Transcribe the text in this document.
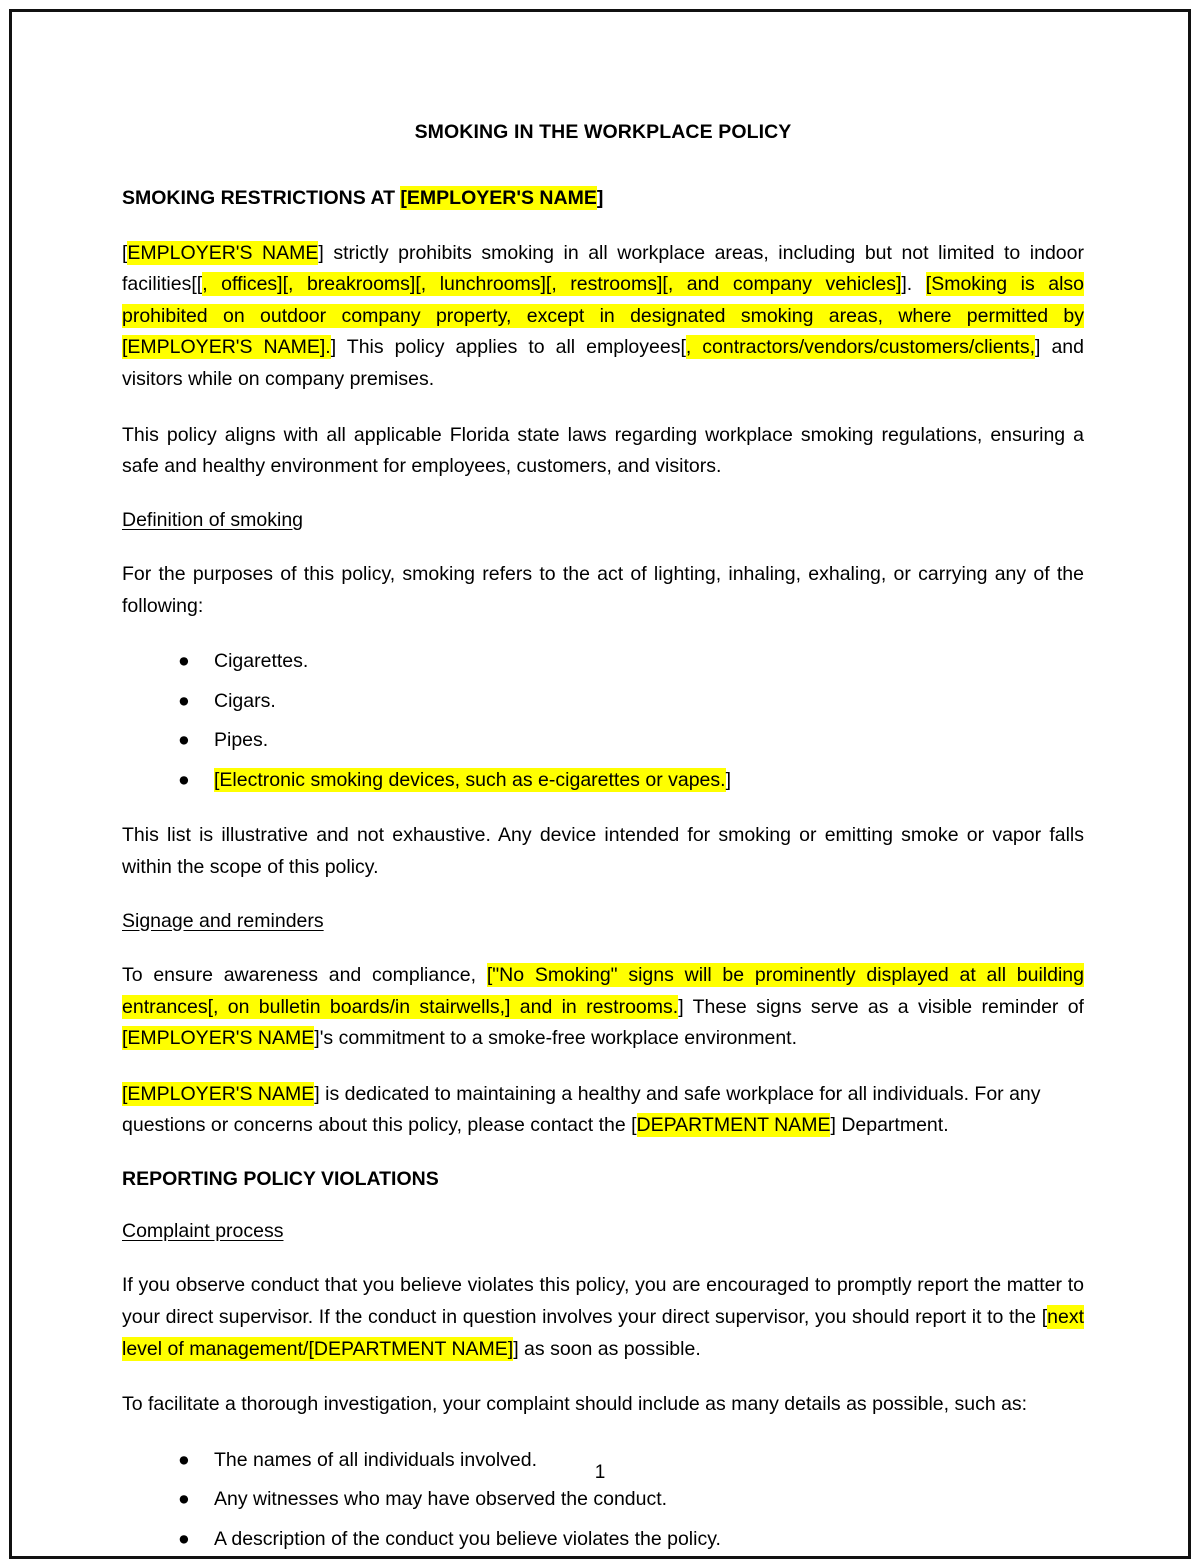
SMOKING IN THE WORKPLACE POLICY
SMOKING RESTRICTIONS AT [EMPLOYER'S NAME]

[EMPLOYER'S NAME] strictly prohibits smoking in all workplace areas, including but not limited to indoor facilities[[, offices][, breakrooms][, lunchrooms][, restrooms][, and company vehicles]]. [Smoking is also prohibited on outdoor company property, except in designated smoking areas, where permitted by [EMPLOYER'S NAME].] This policy applies to all employees[, contractors/vendors/customers/clients,] and visitors while on company premises.

This policy aligns with all applicable Florida state laws regarding workplace smoking regulations, ensuring a safe and healthy environment for employees, customers, and visitors.

Definition of smoking

For the purposes of this policy, smoking refers to the act of lighting, inhaling, exhaling, or carrying any of the following:

● Cigarettes.
● Cigars.
● Pipes.
● [Electronic smoking devices, such as e-cigarettes or vapes.]

This list is illustrative and not exhaustive. Any device intended for smoking or emitting smoke or vapor falls within the scope of this policy.

Signage and reminders

To ensure awareness and compliance, ["No Smoking" signs will be prominently displayed at all building entrances[, on bulletin boards/in stairwells,] and in restrooms.] These signs serve as a visible reminder of [EMPLOYER'S NAME]'s commitment to a smoke-free workplace environment.

[EMPLOYER'S NAME] is dedicated to maintaining a healthy and safe workplace for all individuals. For any questions or concerns about this policy, please contact the [DEPARTMENT NAME] Department.

REPORTING POLICY VIOLATIONS
Complaint process

If you observe conduct that you believe violates this policy, you are encouraged to promptly report the matter to your direct supervisor. If the conduct in question involves your direct supervisor, you should report it to the [next level of management/[DEPARTMENT NAME]] as soon as possible.

To facilitate a thorough investigation, your complaint should include as many details as possible, such as:

● The names of all individuals involved.
● Any witnesses who may have observed the conduct.
● A description of the conduct you believe violates the policy.
1
